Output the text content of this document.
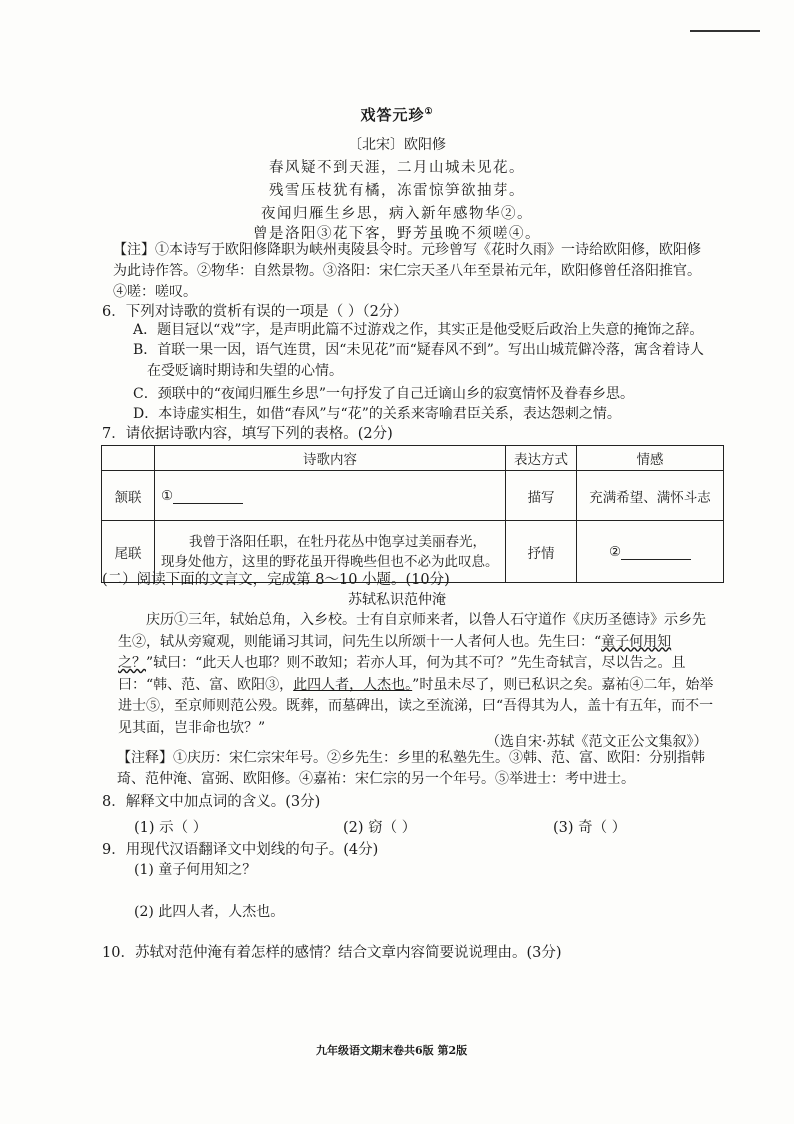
戏答元珍①
〔北宋〕欧阳修
春风疑不到天涯，二月山城未见花。
残雪压枝犹有橘，冻雷惊笋欲抽芽。
夜闻归雁生乡思，病入新年感物华②。
曾是洛阳③花下客，野芳虽晚不须嗟④。
【注】①本诗写于欧阳修降职为峡州夷陵县令时。元珍曾写《花时久雨》一诗给欧阳修，欧阳修为此诗作答。②物华：自然景物。③洛阳：宋仁宗天圣八年至景祐元年，欧阳修曾任洛阳推官。④嗟：嗟叹。
6．下列对诗歌的赏析有误的一项是（ ）（2分）
A．题目冠以“戏”字，是声明此篇不过游戏之作，其实正是他受贬后政治上失意的掩饰之辞。
B．首联一果一因，语气连贯，因“未见花”而“疑春风不到”。写出山城荒僻冷落，寓含着诗人在受贬谪时期诗和失望的心情。
C．颈联中的“夜闻归雁生乡思”一句抒发了自己迁谪山乡的寂寞情怀及眷春乡思。
D．本诗虚实相生，如借“春风”与“花”的关系来寄喻君臣关系，表达怨刺之情。
7．请依据诗歌内容，填写下列的表格。(2分)
	诗歌内容	表达方式	情感
颔联	①	描写	充满希望、满怀斗志
尾联	我曾于洛阳任职，在牡丹花丛中饱享过美丽春光，现身处他方，这里的野花虽开得晚些但也不必为此叹息。	抒情	②
(二）阅读下面的文言文，完成第 8～10 小题。(10分)
苏轼私识范仲淹
庆历①三年，轼始总角，入乡校。士有自京师来者，以鲁人石守道作《庆历圣德诗》示乡先生②，轼从旁窥观，则能诵习其词，问先生以所颂十一人者何人也。先生曰：“童子何用知之？”轼曰：“此天人也耶？则不敢知；若亦人耳，何为其不可？”先生奇轼言，尽以告之。且曰：“韩、范、富、欧阳③，此四人者，人杰也。”时虽未尽了，则已私识之矣。嘉祐④二年，始举进士⑤，至京师则范公殁。既葬，而墓碑出，读之至流涕，曰“吾得其为人，盖十有五年，而不一见其面，岂非命也欤？”
（选自宋·苏轼《范文正公文集叙》）
【注释】①庆历：宋仁宗宋年号。②乡先生：乡里的私塾先生。③韩、范、富、欧阳：分别指韩琦、范仲淹、富弼、欧阳修。④嘉祐：宋仁宗的另一个年号。⑤举进士：考中进士。
8．解释文中加点词的含义。(3分)
(1) 示（ ）	(2) 窃（ ）	(3) 奇（ ）
9．用现代汉语翻译文中划线的句子。(4分)
(1) 童子何用知之？
(2) 此四人者，人杰也。
10．苏轼对范仲淹有着怎样的感情？结合文章内容简要说说理由。(3分)
九年级语文期末卷共6版 第2版
